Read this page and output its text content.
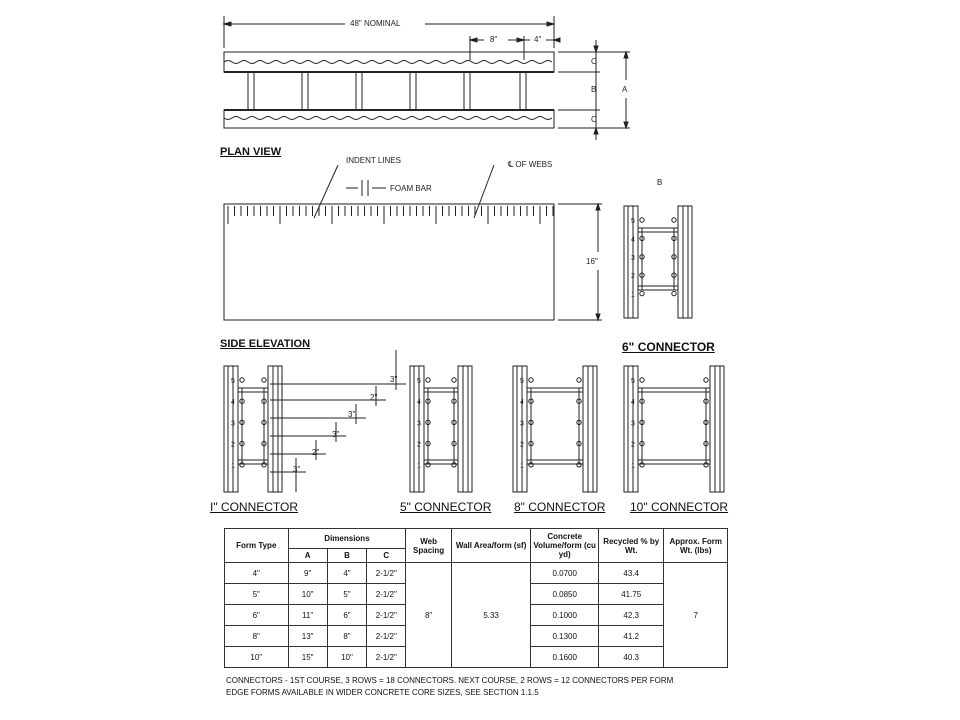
48" NOMINAL
8"	4"
C
B
C
A
PLAN VIEW
INDENT LINES
FOAM BAR
℄ OF WEBS
16"
SIDE ELEVATION
5
4
3
2
1
5
4
3
2
1
5
4
3
2
1
5
4
3
2
1
5
4
3
2
1
B
6" CONNECTOR
3"
2"
3"
3"
2"
3"
I" CONNECTOR	5" CONNECTOR 8" CONNECTOR 10" CONNECTOR
Form Type	Dimensions			Web Spacing	Wall Area/form (sf)	Concrete Volume/form (cu yd)	Recycled % by Wt.	Approx. Form Wt. (lbs)
	A	B	C					
4"	9"	4"	2-1/2"	8"	5.33	0.0700	43.4	7
5"	10"	5"	2-1/2"			0.0850	41.75	
6"	11"	6"	2-1/2"			0.1000	42.3	
8"	13"	8"	2-1/2"			0.1300	41.2	
10"	15"	10"	2-1/2"			0.1600	40.3	
CONNECTORS - 1ST COURSE, 3 ROWS = 18 CONNECTORS. NEXT COURSE, 2 ROWS = 12 CONNECTORS PER FORM
EDGE FORMS AVAILABLE IN WIDER CONCRETE CORE SIZES, SEE SECTION 1.1.5
